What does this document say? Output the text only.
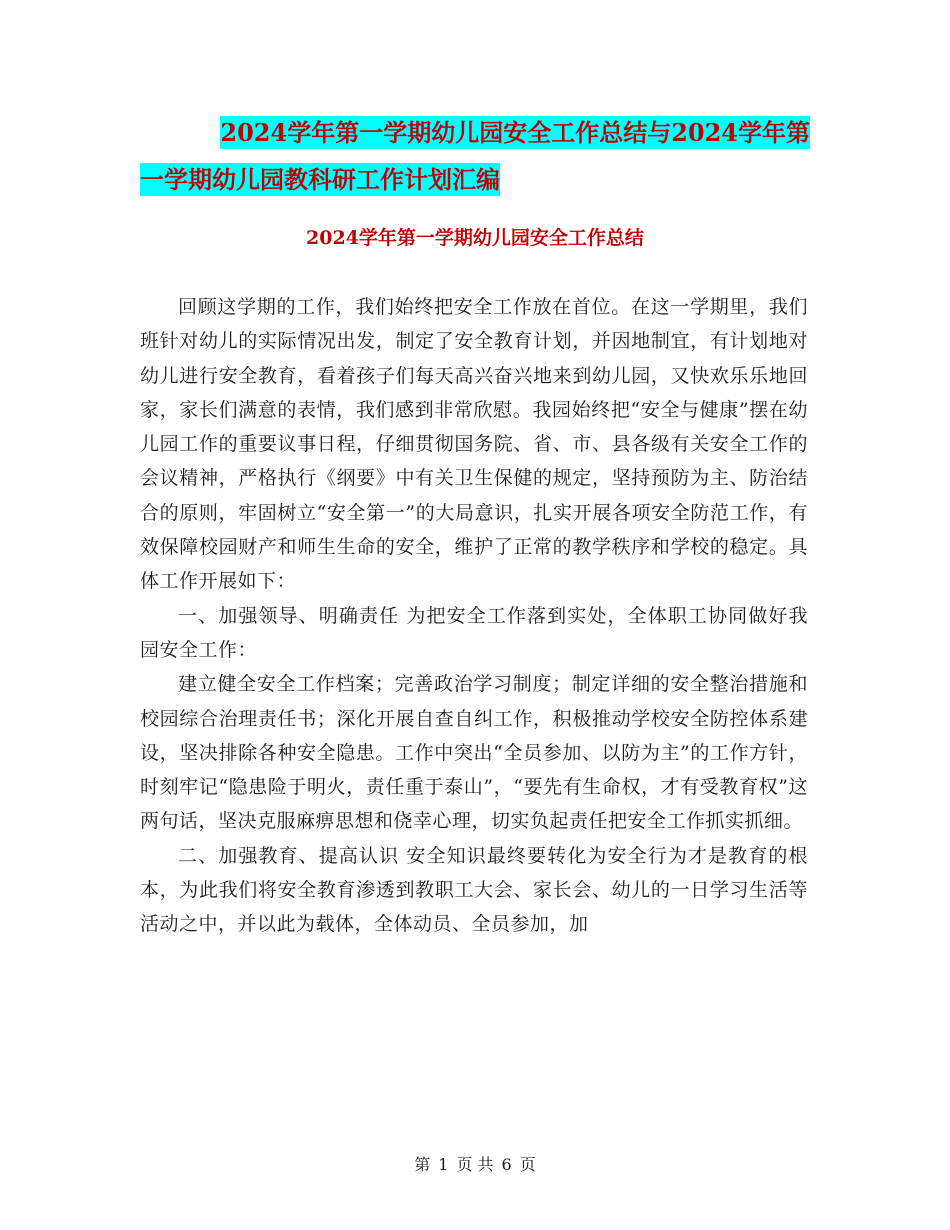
2024学年第一学期幼儿园安全工作总结与2024学年第
一学期幼儿园教科研工作计划汇编
2024学年第一学期幼儿园安全工作总结

回顾这学期的工作，我们始终把安全工作放在首位。在这一学期里，我们班针对幼儿的实际情况出发，制定了安全教育计划，并因地制宜，有计划地对幼儿进行安全教育，看着孩子们每天高兴奋兴地来到幼儿园，又快欢乐乐地回家，家长们满意的表情，我们感到非常欣慰。我园始终把“安全与健康”摆在幼儿园工作的重要议事日程，仔细贯彻国务院、省、市、县各级有关安全工作的会议精神，严格执行《纲要》中有关卫生保健的规定，坚持预防为主、防治结合的原则，牢固树立“安全第一”的大局意识，扎实开展各项安全防范工作，有效保障校园财产和师生生命的安全，维护了正常的教学秩序和学校的稳定。具体工作开展如下：

一、加强领导、明确责任 为把安全工作落到实处，全体职工协同做好我园安全工作：

建立健全安全工作档案；完善政治学习制度；制定详细的安全整治措施和校园综合治理责任书；深化开展自查自纠工作，积极推动学校安全防控体系建设，坚决排除各种安全隐患。工作中突出“全员参加、以防为主”的工作方针，时刻牢记“隐患险于明火，责任重于泰山”，“要先有生命权，才有受教育权”这两句话，坚决克服麻痹思想和侥幸心理，切实负起责任把安全工作抓实抓细。

二、加强教育、提高认识 安全知识最终要转化为安全行为才是教育的根本，为此我们将安全教育渗透到教职工大会、家长会、幼儿的一日学习生活等活动之中，并以此为载体，全体动员、全员参加，加

第 1 页 共 6 页
